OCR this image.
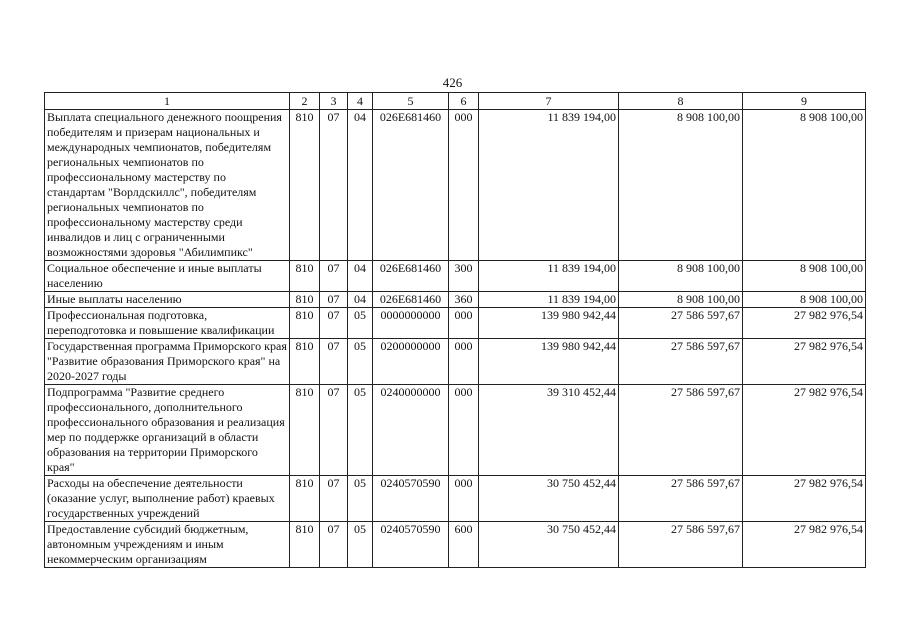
426
1	2	3	4	5	6	7	8	9
Выплата специального денежного поощрения победителям и призерам национальных и международных чемпионатов, победителям региональных чемпионатов по профессиональному мастерству по стандартам "Ворлдскиллс", победителям региональных чемпионатов по профессиональному мастерству среди инвалидов и лиц с ограниченными возможностями здоровья "Абилимпикс"	810	07	04	026Е681460	000	11 839 194,00	8 908 100,00	8 908 100,00
Социальное обеспечение и иные выплаты населению	810	07	04	026Е681460	300	11 839 194,00	8 908 100,00	8 908 100,00
Иные выплаты населению	810	07	04	026Е681460	360	11 839 194,00	8 908 100,00	8 908 100,00
Профессиональная подготовка, переподготовка и повышение квалификации	810	07	05	0000000000	000	139 980 942,44	27 586 597,67	27 982 976,54
Государственная программа Приморского края "Развитие образования Приморского края" на 2020-2027 годы	810	07	05	0200000000	000	139 980 942,44	27 586 597,67	27 982 976,54
Подпрограмма "Развитие среднего профессионального, дополнительного профессионального образования и реализация мер по поддержке организаций в области образования на территории Приморского края"	810	07	05	0240000000	000	39 310 452,44	27 586 597,67	27 982 976,54
Расходы на обеспечение деятельности (оказание услуг, выполнение работ) краевых государственных учреждений	810	07	05	0240570590	000	30 750 452,44	27 586 597,67	27 982 976,54
Предоставление субсидий бюджетным, автономным учреждениям и иным некоммерческим организациям	810	07	05	0240570590	600	30 750 452,44	27 586 597,67	27 982 976,54
